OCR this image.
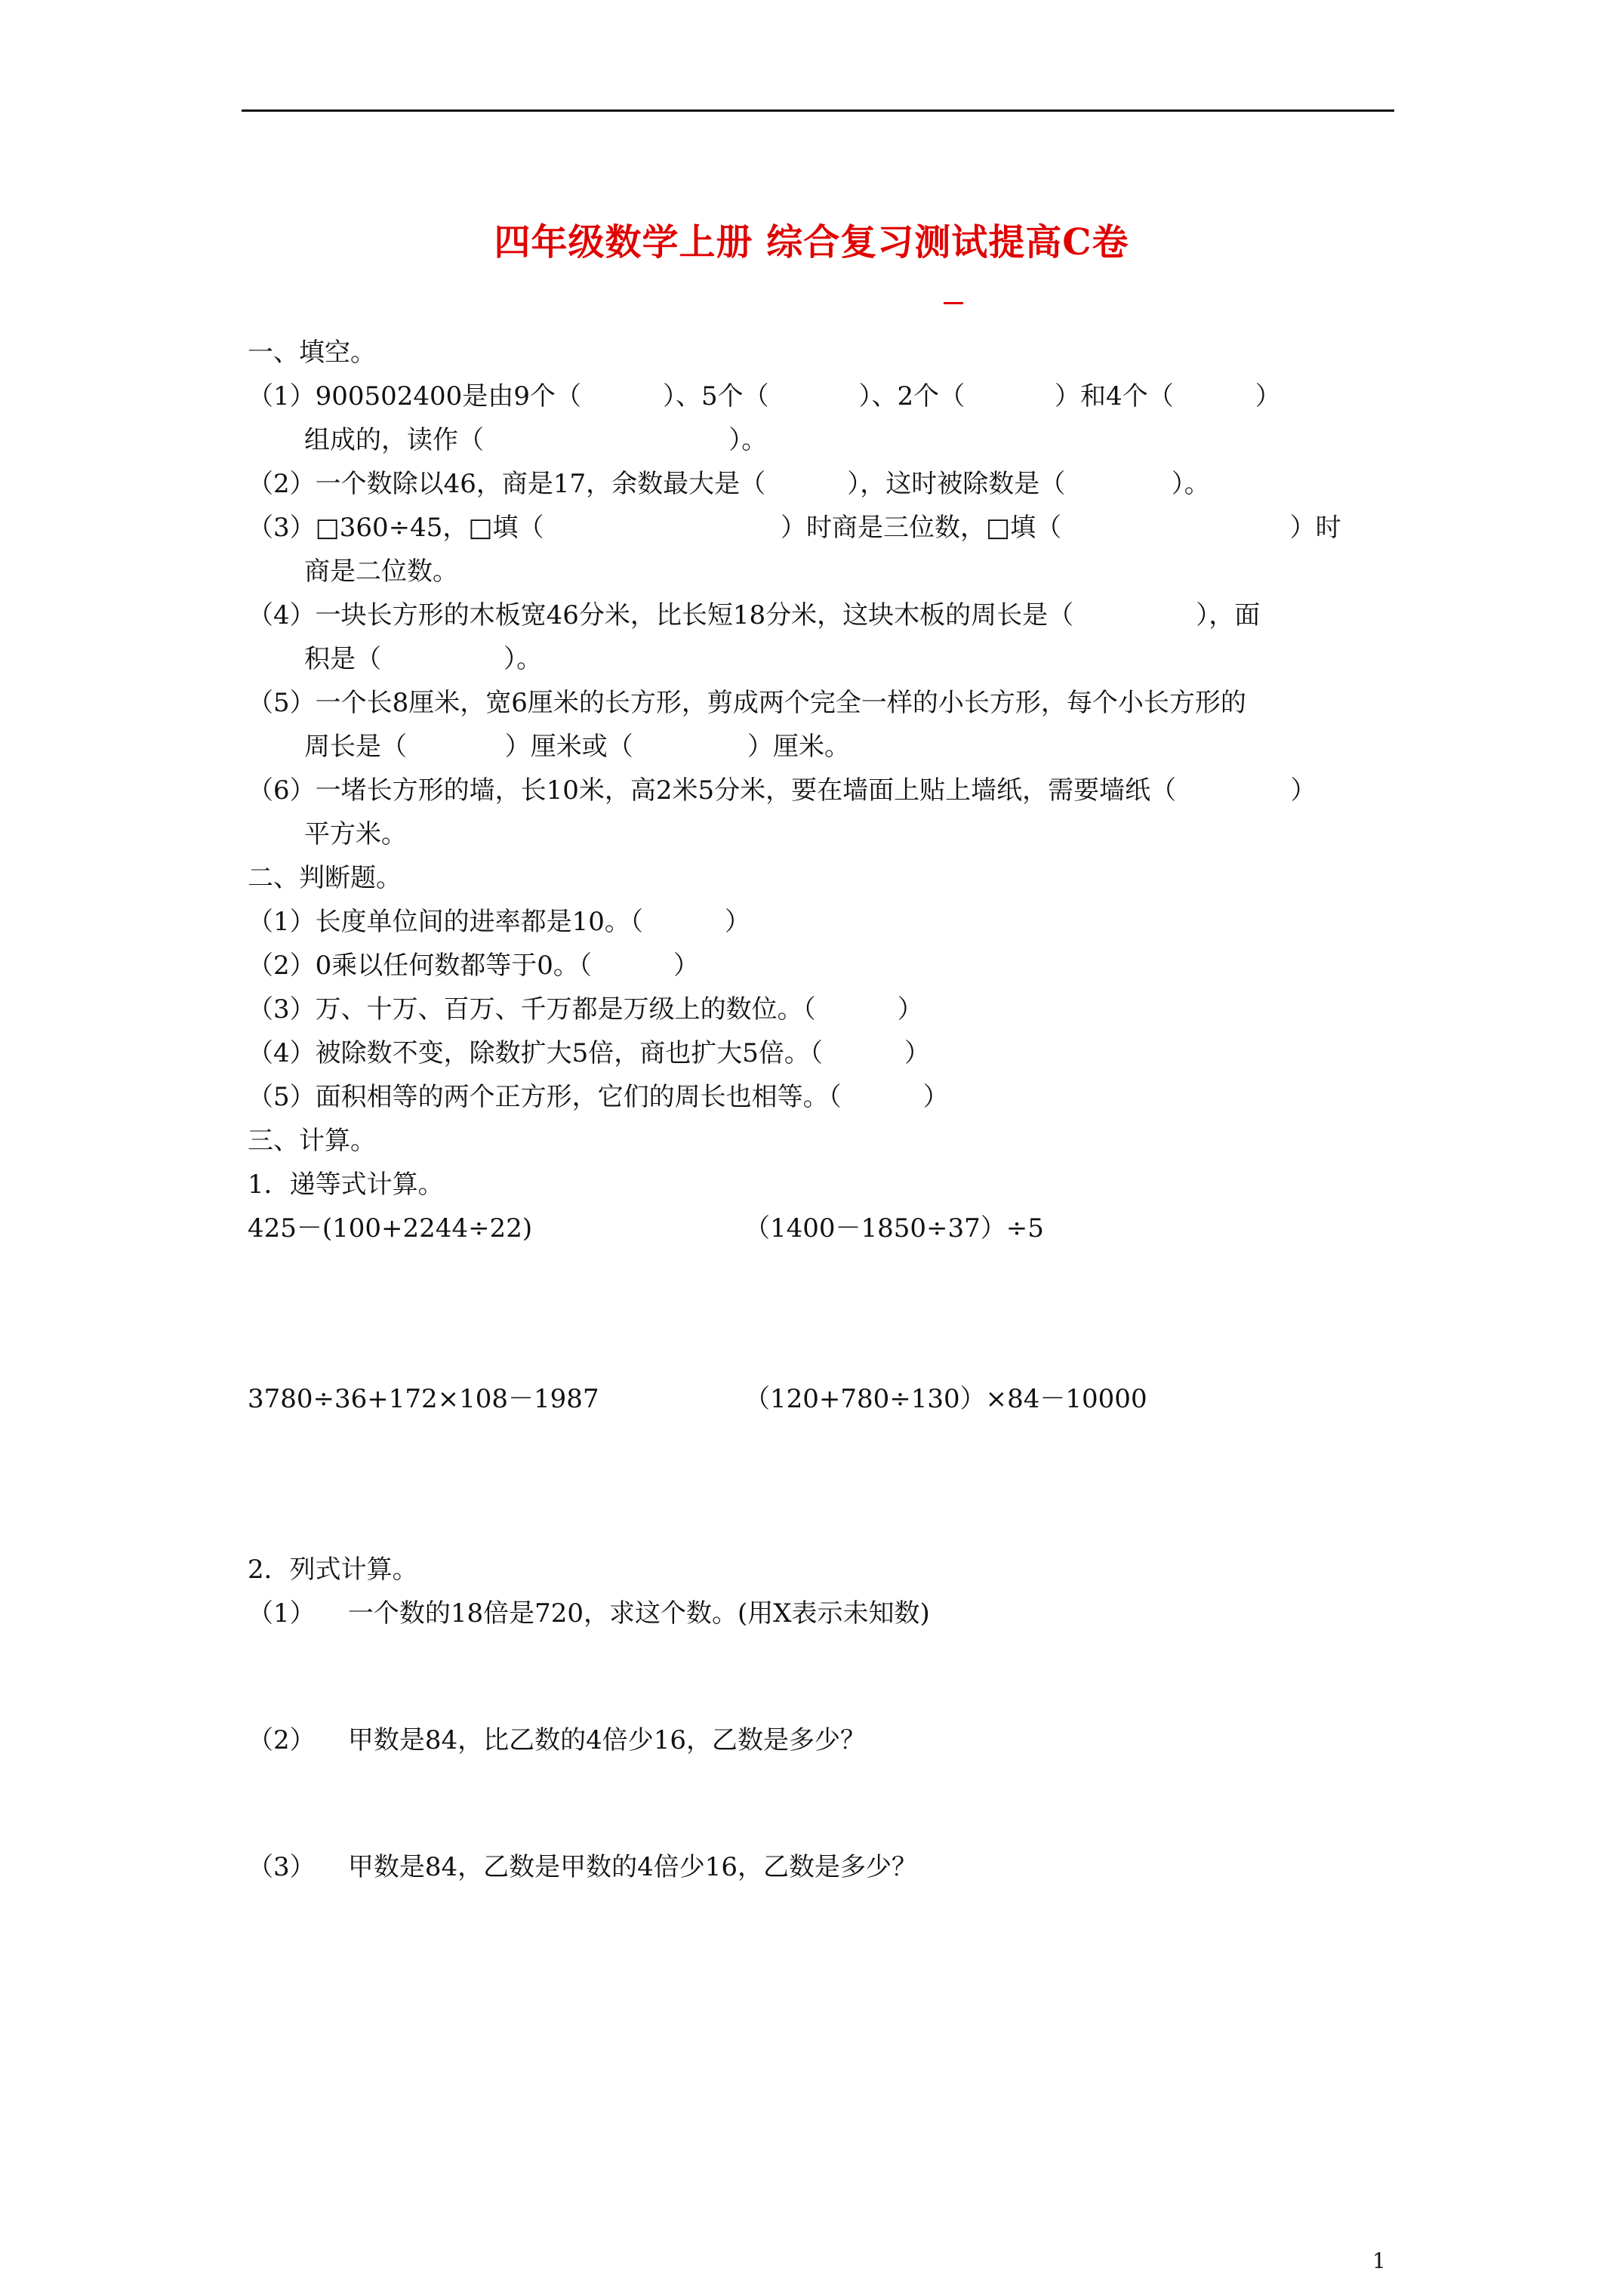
四年级数学上册 综合复习测试提高C卷
一、填空。
（1）900502400是由9个（          ）、5个（           ）、2个（           ）和4个（          ）
组成的，读作（                              ）。
（2）一个数除以46，商是17，余数最大是（          ），这时被除数是（             ）。
（3）□360÷45，□填（                             ）时商是三位数，□填（                            ）时
商是二位数。
（4）一块长方形的木板宽46分米，比长短18分米，这块木板的周长是（               ），面
积是（               ）。
（5）一个长8厘米，宽6厘米的长方形，剪成两个完全一样的小长方形，每个小长方形的
周长是（            ）厘米或（              ）厘米。
（6）一堵长方形的墙，长10米，高2米5分米，要在墙面上贴上墙纸，需要墙纸（              ）
平方米。
二、判断题。
（1）长度单位间的进率都是10。（          ）
（2）0乘以任何数都等于0。（          ）
（3）万、十万、百万、千万都是万级上的数位。（          ）
（4）被除数不变，除数扩大5倍，商也扩大5倍。（          ）
（5）面积相等的两个正方形，它们的周长也相等。（          ）
三、计算。
1．递等式计算。
425－(100+2244÷22)	（1400－1850÷37）÷5
3780÷36+172×108－1987	（120+780÷130）×84－10000
2．列式计算。
（1）    一个数的18倍是720，求这个数。(用X表示未知数)
（2）    甲数是84，比乙数的4倍少16，乙数是多少？
（3）    甲数是84，乙数是甲数的4倍少16，乙数是多少？
1
